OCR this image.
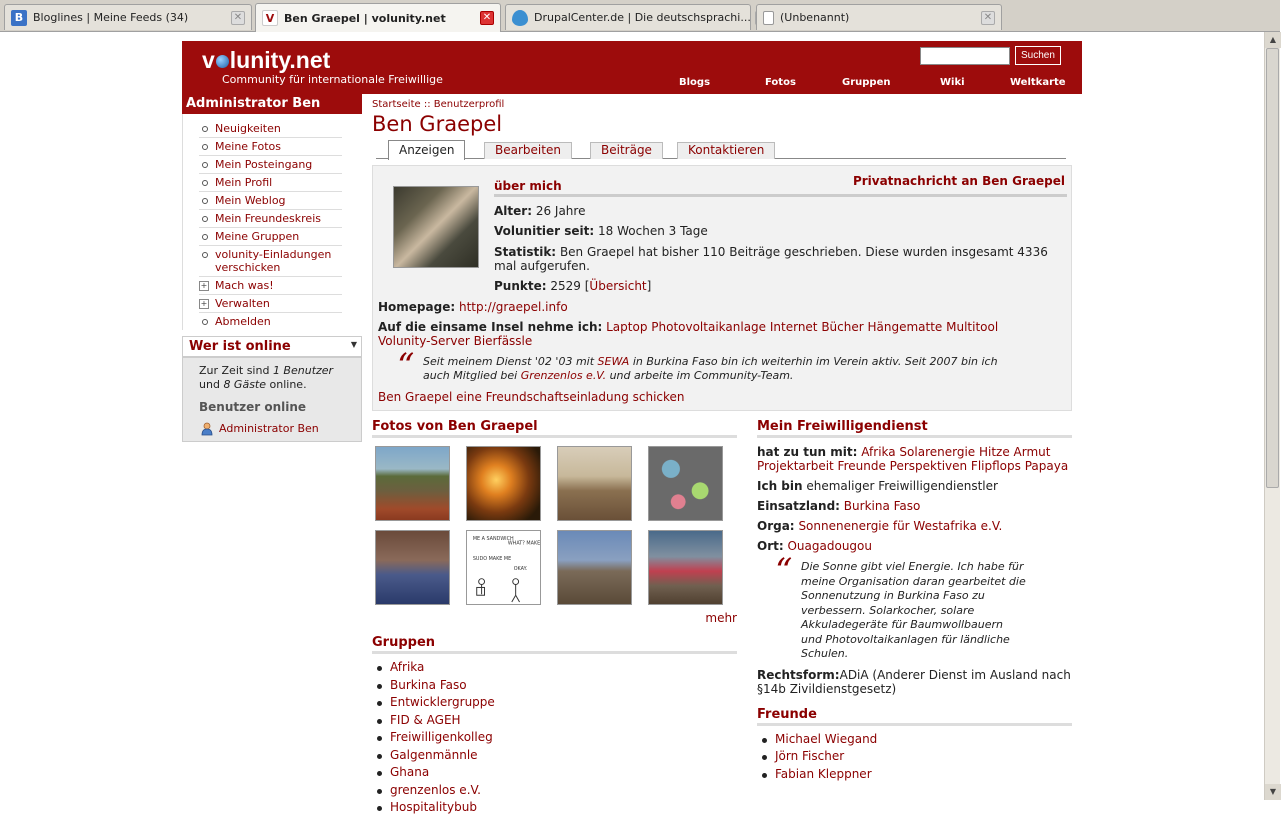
B Bloglines | Meine Feeds (34)	✕	V Ben Graepel | volunity.net	✕	DrupalCenter.de | Die deutschsprachi...	(Unbenannt)	✕
v lunity.net
Community für internationale Freiwillige
Suchen
Blogs	Fotos	Gruppen	Wiki	Weltkarte
Administrator Ben
Neuigkeiten
Meine Fotos
Mein Posteingang
Mein Profil
Mein Weblog
Mein Freundeskreis
Meine Gruppen
volunity-Einladungen verschicken
+ Mach was!
+ Verwalten
Abmelden
Wer ist online	▼
Zur Zeit sind 1 Benutzer und 8 Gäste online.
Benutzer online
Administrator Ben
Startseite :: Benutzerprofil
Ben Graepel
Anzeigen	Bearbeiten	Beiträge	Kontaktieren
über mich	Privatnachricht an Ben Graepel
Alter: 26 Jahre
Volunitier seit: 18 Wochen 3 Tage
Statistik: Ben Graepel hat bisher 110 Beiträge geschrieben. Diese wurden insgesamt 4336 mal aufgerufen.
Punkte: 2529 [Übersicht]
Homepage: http://graepel.info
Auf die einsame Insel nehme ich: Laptop Photovoltaikanlage Internet Bücher Hängematte Multitool Volunity-Server Bierfässle
“ Seit meinem Dienst '02 '03 mit SEWA in Burkina Faso bin ich weiterhin im Verein aktiv. Seit 2007 bin ich auch Mitglied bei Grenzenlos e.V. und arbeite im Community-Team.
Ben Graepel eine Freundschaftseinladung schicken
Fotos von Ben Graepel
ME A SANDWICH
WHAT? MAKE
SUDO MAKE ME
OKAY.
mehr
Gruppen
Afrika
Burkina Faso
Entwicklergruppe
FID & AGEH
Freiwilligenkolleg
Galgenmännle
Ghana
grenzenlos e.V.
Hospitalitybub
Mein Freiwilligendienst
hat zu tun mit: Afrika Solarenergie Hitze Armut Projektarbeit Freunde Perspektiven Flipflops Papaya
Ich bin ehemaliger Freiwilligendienstler
Einsatzland: Burkina Faso
Orga: Sonnenenergie für Westafrika e.V.
Ort: Ouagadougou
“ Die Sonne gibt viel Energie. Ich habe für meine Organisation daran gearbeitet die Sonnenutzung in Burkina Faso zu verbessern. Solarkocher, solare Akkuladegeräte für Baumwollbauern und Photovoltaikanlagen für ländliche Schulen.
Rechtsform:ADiA (Anderer Dienst im Ausland nach §14b Zivildienstgesetz)
Freunde
Michael Wiegand
Jörn Fischer
Fabian Kleppner
▲
▼
